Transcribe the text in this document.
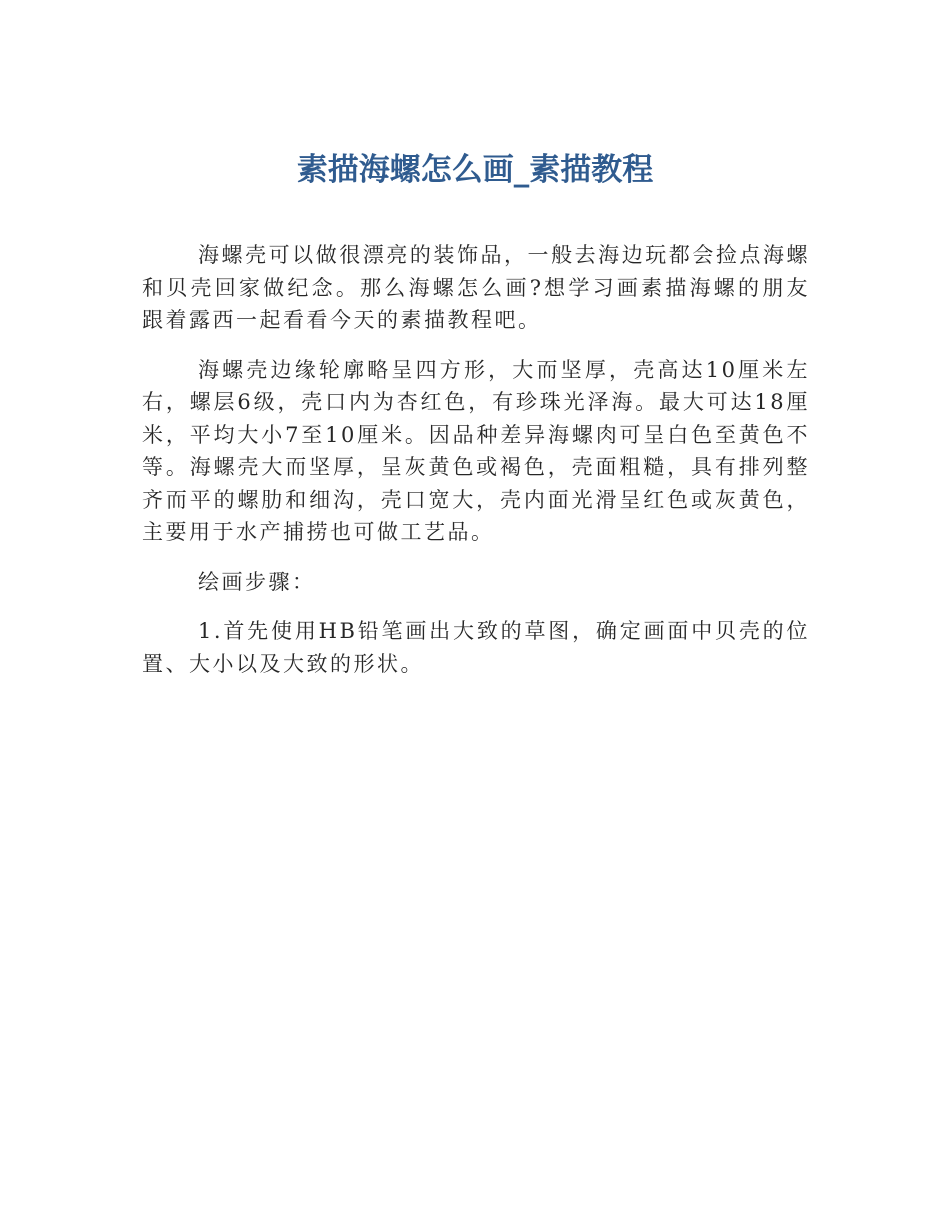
素描海螺怎么画_素描教程

海螺壳可以做很漂亮的装饰品，一般去海边玩都会捡点海螺和贝壳回家做纪念。那么海螺怎么画?想学习画素描海螺的朋友跟着露西一起看看今天的素描教程吧。

海螺壳边缘轮廓略呈四方形，大而坚厚，壳高达10厘米左右，螺层6级，壳口内为杏红色，有珍珠光泽海。最大可达18厘米，平均大小7至10厘米。因品种差异海螺肉可呈白色至黄色不等。海螺壳大而坚厚，呈灰黄色或褐色，壳面粗糙，具有排列整齐而平的螺肋和细沟，壳口宽大，壳内面光滑呈红色或灰黄色，主要用于水产捕捞也可做工艺品。

绘画步骤：

1.首先使用HB铅笔画出大致的草图，确定画面中贝壳的位置、大小以及大致的形状。
